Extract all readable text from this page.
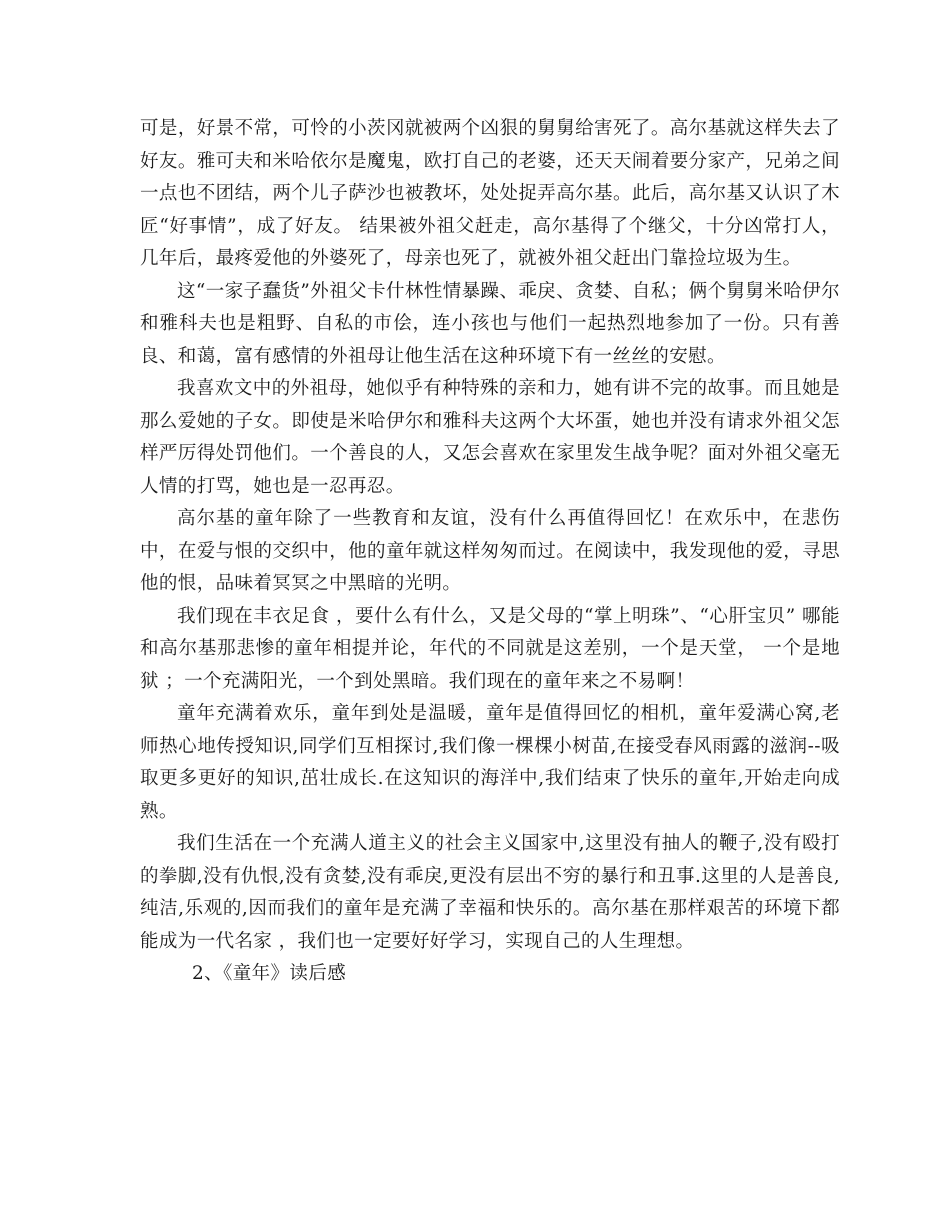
可是，好景不常，可怜的小茨冈就被两个凶狠的舅舅给害死了。高尔基就这样失去了好友。雅可夫和米哈依尔是魔鬼，欧打自己的老婆，还天天闹着要分家产，兄弟之间一点也不团结，两个儿子萨沙也被教坏，处处捉弄高尔基。此后，高尔基又认识了木匠“好事情”，成了好友。 结果被外祖父赶走，高尔基得了个继父，十分凶常打人，几年后，最疼爱他的外婆死了，母亲也死了，就被外祖父赶出门靠捡垃圾为生。

这“一家子蠢货”外祖父卡什林性情暴躁、乖戾、贪婪、自私；俩个舅舅米哈伊尔和雅科夫也是粗野、自私的市侩，连小孩也与他们一起热烈地参加了一份。只有善良、和蔼，富有感情的外祖母让他生活在这种环境下有一丝丝的安慰。

我喜欢文中的外祖母，她似乎有种特殊的亲和力，她有讲不完的故事。而且她是那么爱她的子女。即使是米哈伊尔和雅科夫这两个大坏蛋，她也并没有请求外祖父怎样严厉得处罚他们。一个善良的人，又怎会喜欢在家里发生战争呢？面对外祖父毫无人情的打骂，她也是一忍再忍。

高尔基的童年除了一些教育和友谊，没有什么再值得回忆！在欢乐中，在悲伤中，在爱与恨的交织中，他的童年就这样匆匆而过。在阅读中，我发现他的爱，寻思他的恨，品味着冥冥之中黑暗的光明。

我们现在丰衣足食 ，要什么有什么，又是父母的“掌上明珠”、“心肝宝贝” 哪能和高尔基那悲惨的童年相提并论，年代的不同就是这差别，一个是天堂， 一个是地狱 ；一个充满阳光，一个到处黑暗。我们现在的童年来之不易啊！

童年充满着欢乐，童年到处是温暖，童年是值得回忆的相机，童年爱满心窝,老师热心地传授知识,同学们互相探讨,我们像一棵棵小树苗,在接受春风雨露的滋润--吸取更多更好的知识,茁壮成长.在这知识的海洋中,我们结束了快乐的童年,开始走向成熟。

我们生活在一个充满人道主义的社会主义国家中,这里没有抽人的鞭子,没有殴打的拳脚,没有仇恨,没有贪婪,没有乖戾,更没有层出不穷的暴行和丑事.这里的人是善良,纯洁,乐观的,因而我们的童年是充满了幸福和快乐的。高尔基在那样艰苦的环境下都能成为一代名家 ，我们也一定要好好学习，实现自己的人生理想。

2、《童年》读后感
